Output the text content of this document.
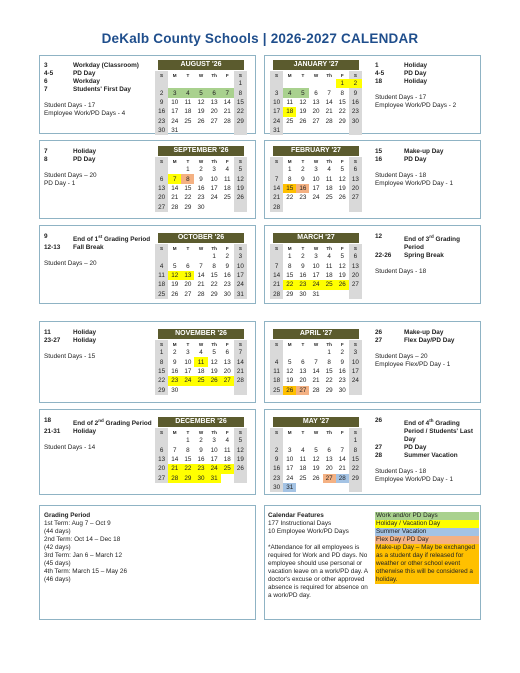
DeKalb County Schools | 2026-2027 CALENDAR
3	Workday (Classroom)
4-5	PD Day
6	Workday
7	Students' First Day
Student Days - 17
Employee Work/PD Days - 4
1	Holiday
4-5	PD Day
18	Holiday
Student Days - 17
Employee Work/PD Days - 2
7	Holiday
8	PD Day
Student Days – 20
PD Day - 1
15	Make-up Day
16	PD Day
Student Days - 18
Employee Work/PD Day - 1
9	End of 1st Grading Period
12-13	Fall Break
Student Days – 20
12	End of 3rd Grading Period
22-26	Spring Break
Student Days - 18
11	Holiday
23-27	Holiday
Student Days - 15
26	Make-up Day
27	Flex Day/PD Day
Student Days – 20
Employee Flex/PD Day - 1
18	End of 2nd Grading Period
21-31	Holiday
Student Days - 14
26	End of 4th Grading Period / Students' Last Day
27	PD Day
28	Summer Vacation
Student Days - 18
Employee Work/PD Day - 1
AUGUST '26
S	M	T	W	Th	F	S
						1
2	3	4	5	6	7	8
9	10	11	12	13	14	15
16	17	18	19	20	21	22
23	24	25	26	27	28	29
30	31					
JANUARY '27
S	M	T	W	Th	F	S
					1	2
3	4	5	6	7	8	9
10	11	12	13	14	15	16
17	18	19	20	21	22	23
24	25	26	27	28	29	30
31						
SEPTEMBER '26
S	M	T	W	Th	F	S
		1	2	3	4	5
6	7	8	9	10	11	12
13	14	15	16	17	18	19
20	21	22	23	24	25	26
27	28	29	30			
FEBRUARY '27
S	M	T	W	Th	F	S
	1	2	3	4	5	6
7	8	9	10	11	12	13
14	15	16	17	18	19	20
21	22	23	24	25	26	27
28						
OCTOBER '26
S	M	T	W	Th	F	S
				1	2	3
4	5	6	7	8	9	10
11	12	13	14	15	16	17
18	19	20	21	22	23	24
25	26	27	28	29	30	31
MARCH '27
S	M	T	W	Th	F	S
	1	2	3	4	5	6
7	8	9	10	11	12	13
14	15	16	17	18	19	20
21	22	23	24	25	26	27
28	29	30	31			
NOVEMBER '26
S	M	T	W	Th	F	S
1	2	3	4	5	6	7
8	9	10	11	12	13	14
15	16	17	18	19	20	21
22	23	24	25	26	27	28
29	30					
APRIL '27
S	M	T	W	Th	F	S
				1	2	3
4	5	6	7	8	9	10
11	12	13	14	15	16	17
18	19	20	21	22	23	24
25	26	27	28	29	30	
DECEMBER '26
S	M	T	W	Th	F	S
		1	2	3	4	5
6	7	8	9	10	11	12
13	14	15	16	17	18	19
20	21	22	23	24	25	26
27	28	29	30	31		
MAY '27
S	M	T	W	Th	F	S
						1
2	3	4	5	6	7	8
9	10	11	12	13	14	15
16	17	18	19	20	21	22
23	24	25	26	27	28	29
30	31					
Grading Period
1st Term: Aug 7 – Oct 9
(44 days)
2nd Term: Oct 14 – Dec 18
(42 days)
3rd Term: Jan 6 – March 12
(45 days)
4th Term: March 15 – May 26
(46 days)
Calendar Features
177 Instructional Days
10 Employee Work/PD Days
*Attendance for all employees is required for Work and PD days. No employee should use personal or vacation leave on a work/PD day. A doctor's excuse or other approved absence is required for absence on a work/PD day.
Work and/or PD Days
Holiday / Vacation Day
Summer Vacation
Flex Day / PD Day
Make-up Day – May be exchanged as a student day if released for weather or other school event otherwise this will be considered a holiday.
